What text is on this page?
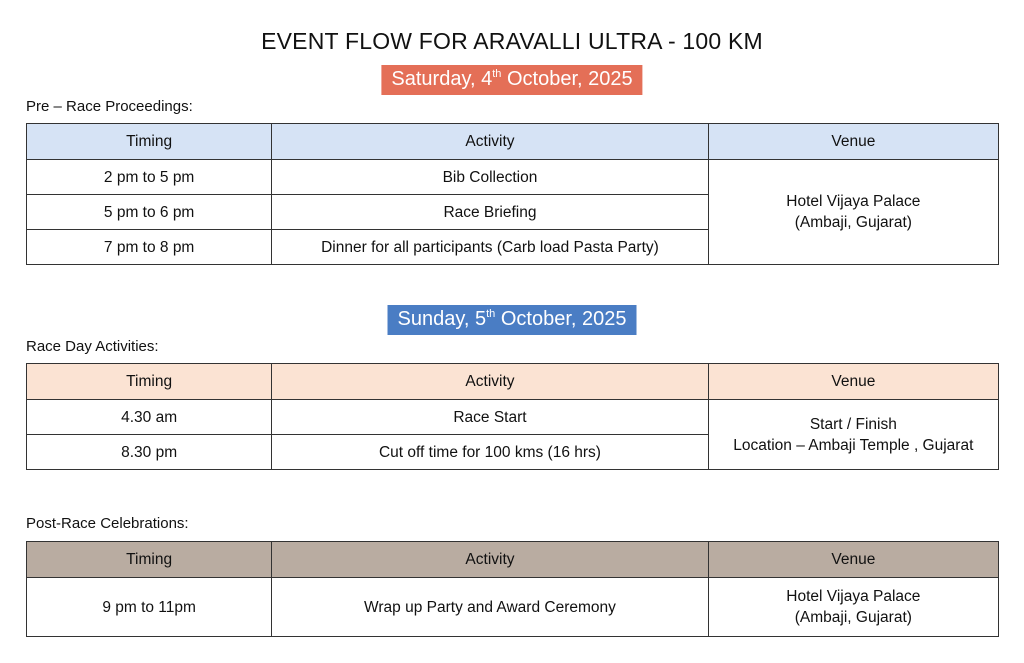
EVENT FLOW FOR ARAVALLI ULTRA - 100 KM
Saturday, 4th October, 2025
Pre – Race Proceedings:
Timing	Activity	Venue
2 pm to 5 pm	Bib Collection	Hotel Vijaya Palace
(Ambaji, Gujarat)

5 pm to 6 pm	Race Briefing	
7 pm to 8 pm	Dinner for all participants (Carb load Pasta Party)	
Sunday, 5th October, 2025
Race Day Activities:
Timing	Activity	Venue
4.30 am	Race Start	Start / Finish
Location – Ambaji Temple , Gujarat

8.30 pm	Cut off time for 100 kms (16 hrs)	
Post-Race Celebrations:
Timing	Activity	Venue
9 pm to 11pm	Wrap up Party and Award Ceremony	Hotel Vijaya Palace
(Ambaji, Gujarat)
